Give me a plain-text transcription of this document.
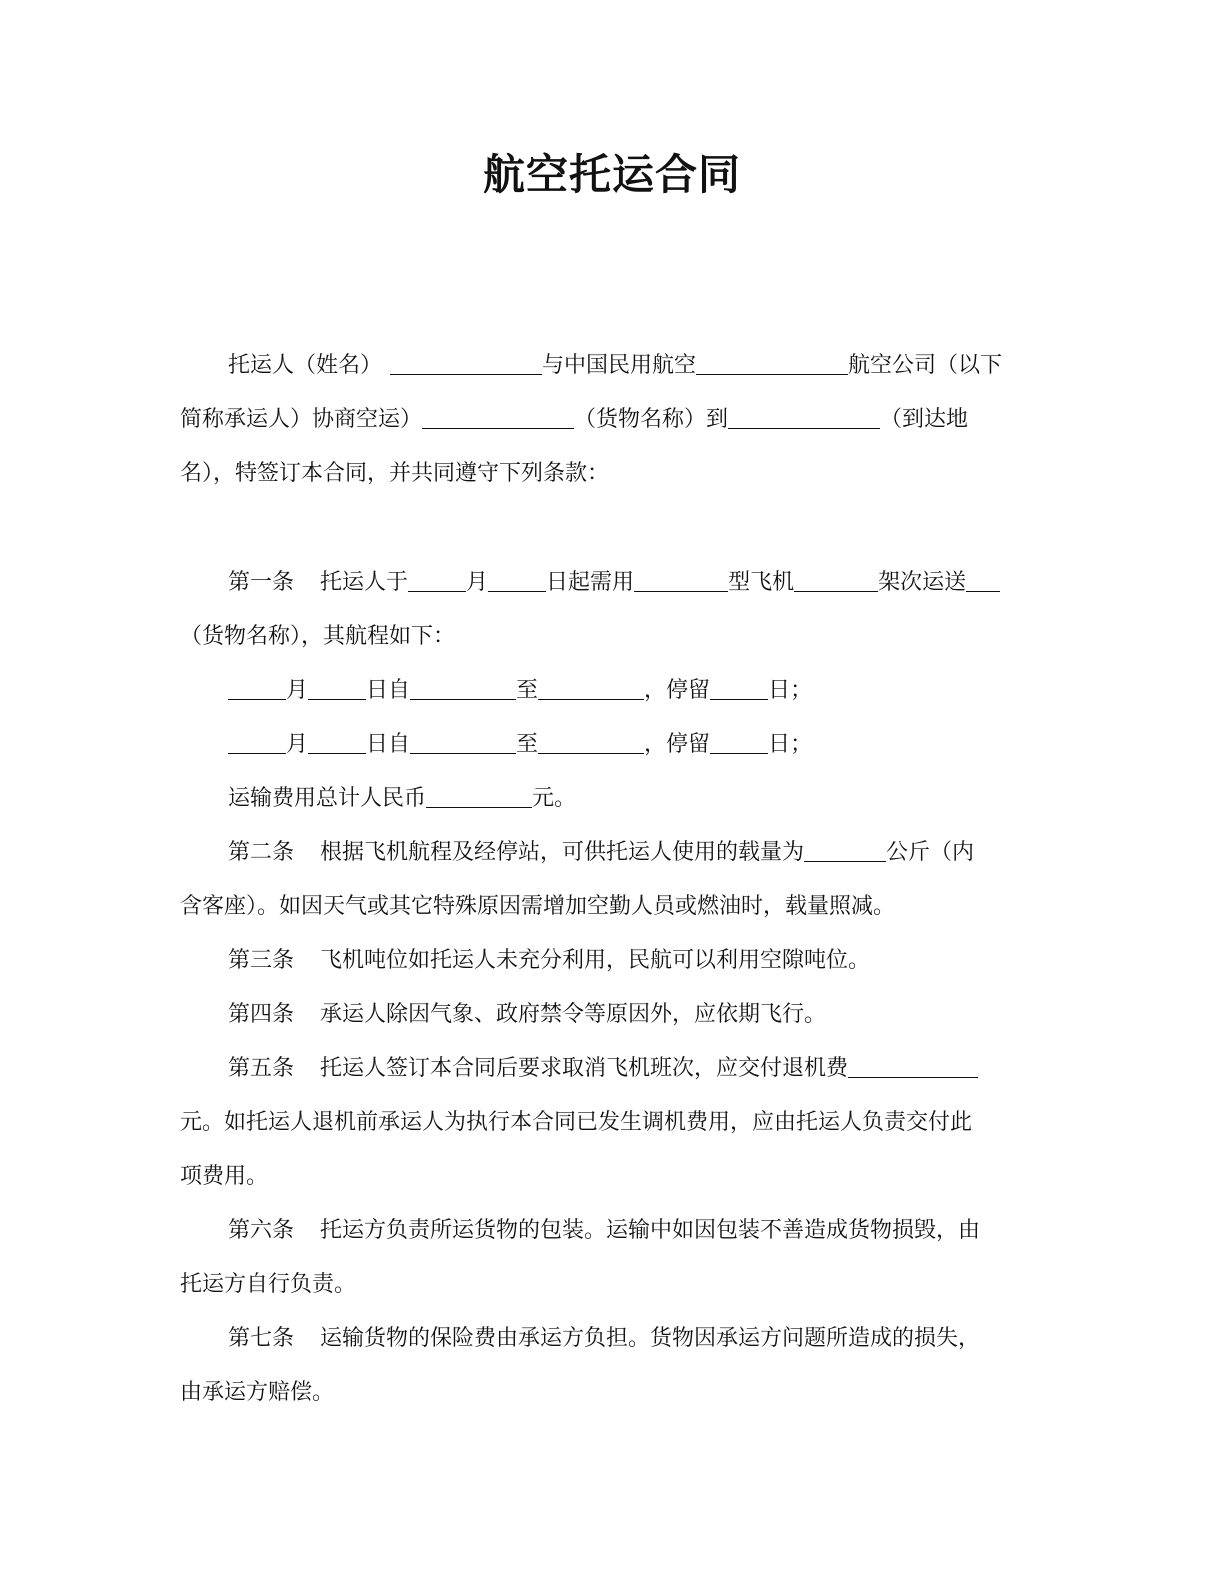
航空托运合同

托运人（姓名）	与中国民用航空	航空公司（以下

简称承运人）协商空运）	（货物名称）到	（到达地

名），特签订本合同，并共同遵守下列条款：

第一条 托运人于	月	日起需用	型飞机	架次运送

（货物名称），其航程如下：

月	日自	至	，停留	日；

月	日自	至	，停留	日；

运输费用总计人民币	元。

第二条 根据飞机航程及经停站，可供托运人使用的载量为	公斤（内

含客座）。如因天气或其它特殊原因需增加空勤人员或燃油时，载量照减。

第三条 飞机吨位如托运人未充分利用，民航可以利用空隙吨位。

第四条 承运人除因气象、政府禁令等原因外，应依期飞行。

第五条 托运人签订本合同后要求取消飞机班次，应交付退机费

元。如托运人退机前承运人为执行本合同已发生调机费用，应由托运人负责交付此

项费用。

第六条 托运方负责所运货物的包装。运输中如因包装不善造成货物损毁，由

托运方自行负责。

第七条 运输货物的保险费由承运方负担。货物因承运方问题所造成的损失，

由承运方赔偿。
